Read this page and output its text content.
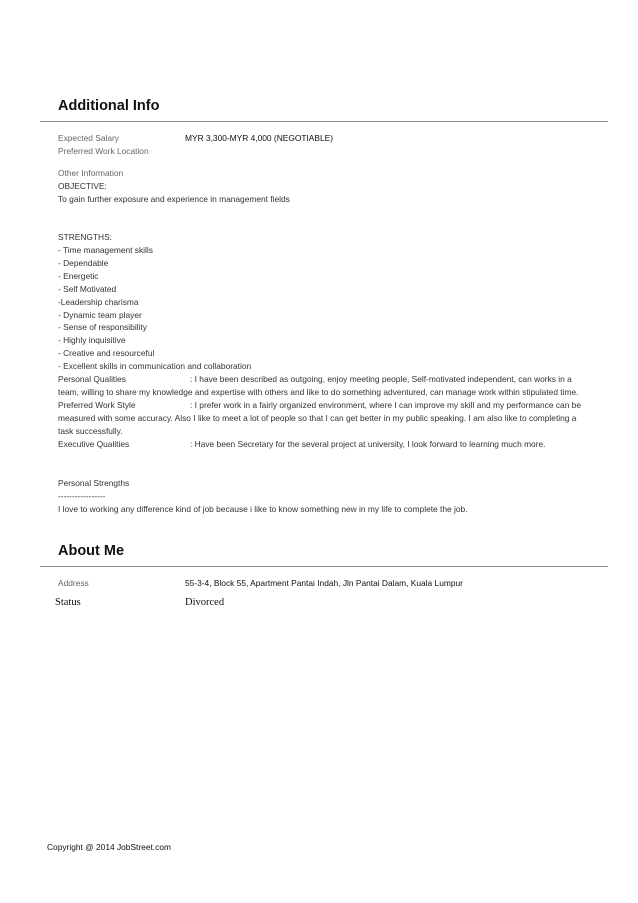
Additional Info
Expected Salary	MYR 3,300-MYR 4,000 (NEGOTIABLE)
Preferred Work Location
Other Information
OBJECTIVE:
To gain further exposure and experience in management fields
STRENGTHS:
- Time management skills
- Dependable
- Energetic
- Self Motivated
-Leadership charisma
- Dynamic team player
- Sense of responsibility
- Highly inquisitive
- Creative and resourceful
- Excellent skills in communication and collaboration
Personal Qualities	: I have been described as outgoing, enjoy meeting people, Self-motivated independent, can works in a
team, willing to share my knowledge and expertise with others and like to do something adventured, can manage work within stipulated time.
Preferred Work Style	: I prefer work in a fairly organized environment, where I can improve my skill and my performance can be
measured with some accuracy. Also I like to meet a lot of people so that I can get better in my public speaking. I am also like to completing a
task successfully.
Executive Qualities	: Have been Secretary for the several project at university, I look forward to learning much more.
Personal Strengths
-----------------
I love to working any difference kind of job because i like to know something new in my life to complete the job.
About Me
Address	55-3-4, Block 55, Apartment Pantai Indah, Jln Pantai Dalam, Kuala Lumpur
Status	Divorced
Copyright @ 2014 JobStreet.com
